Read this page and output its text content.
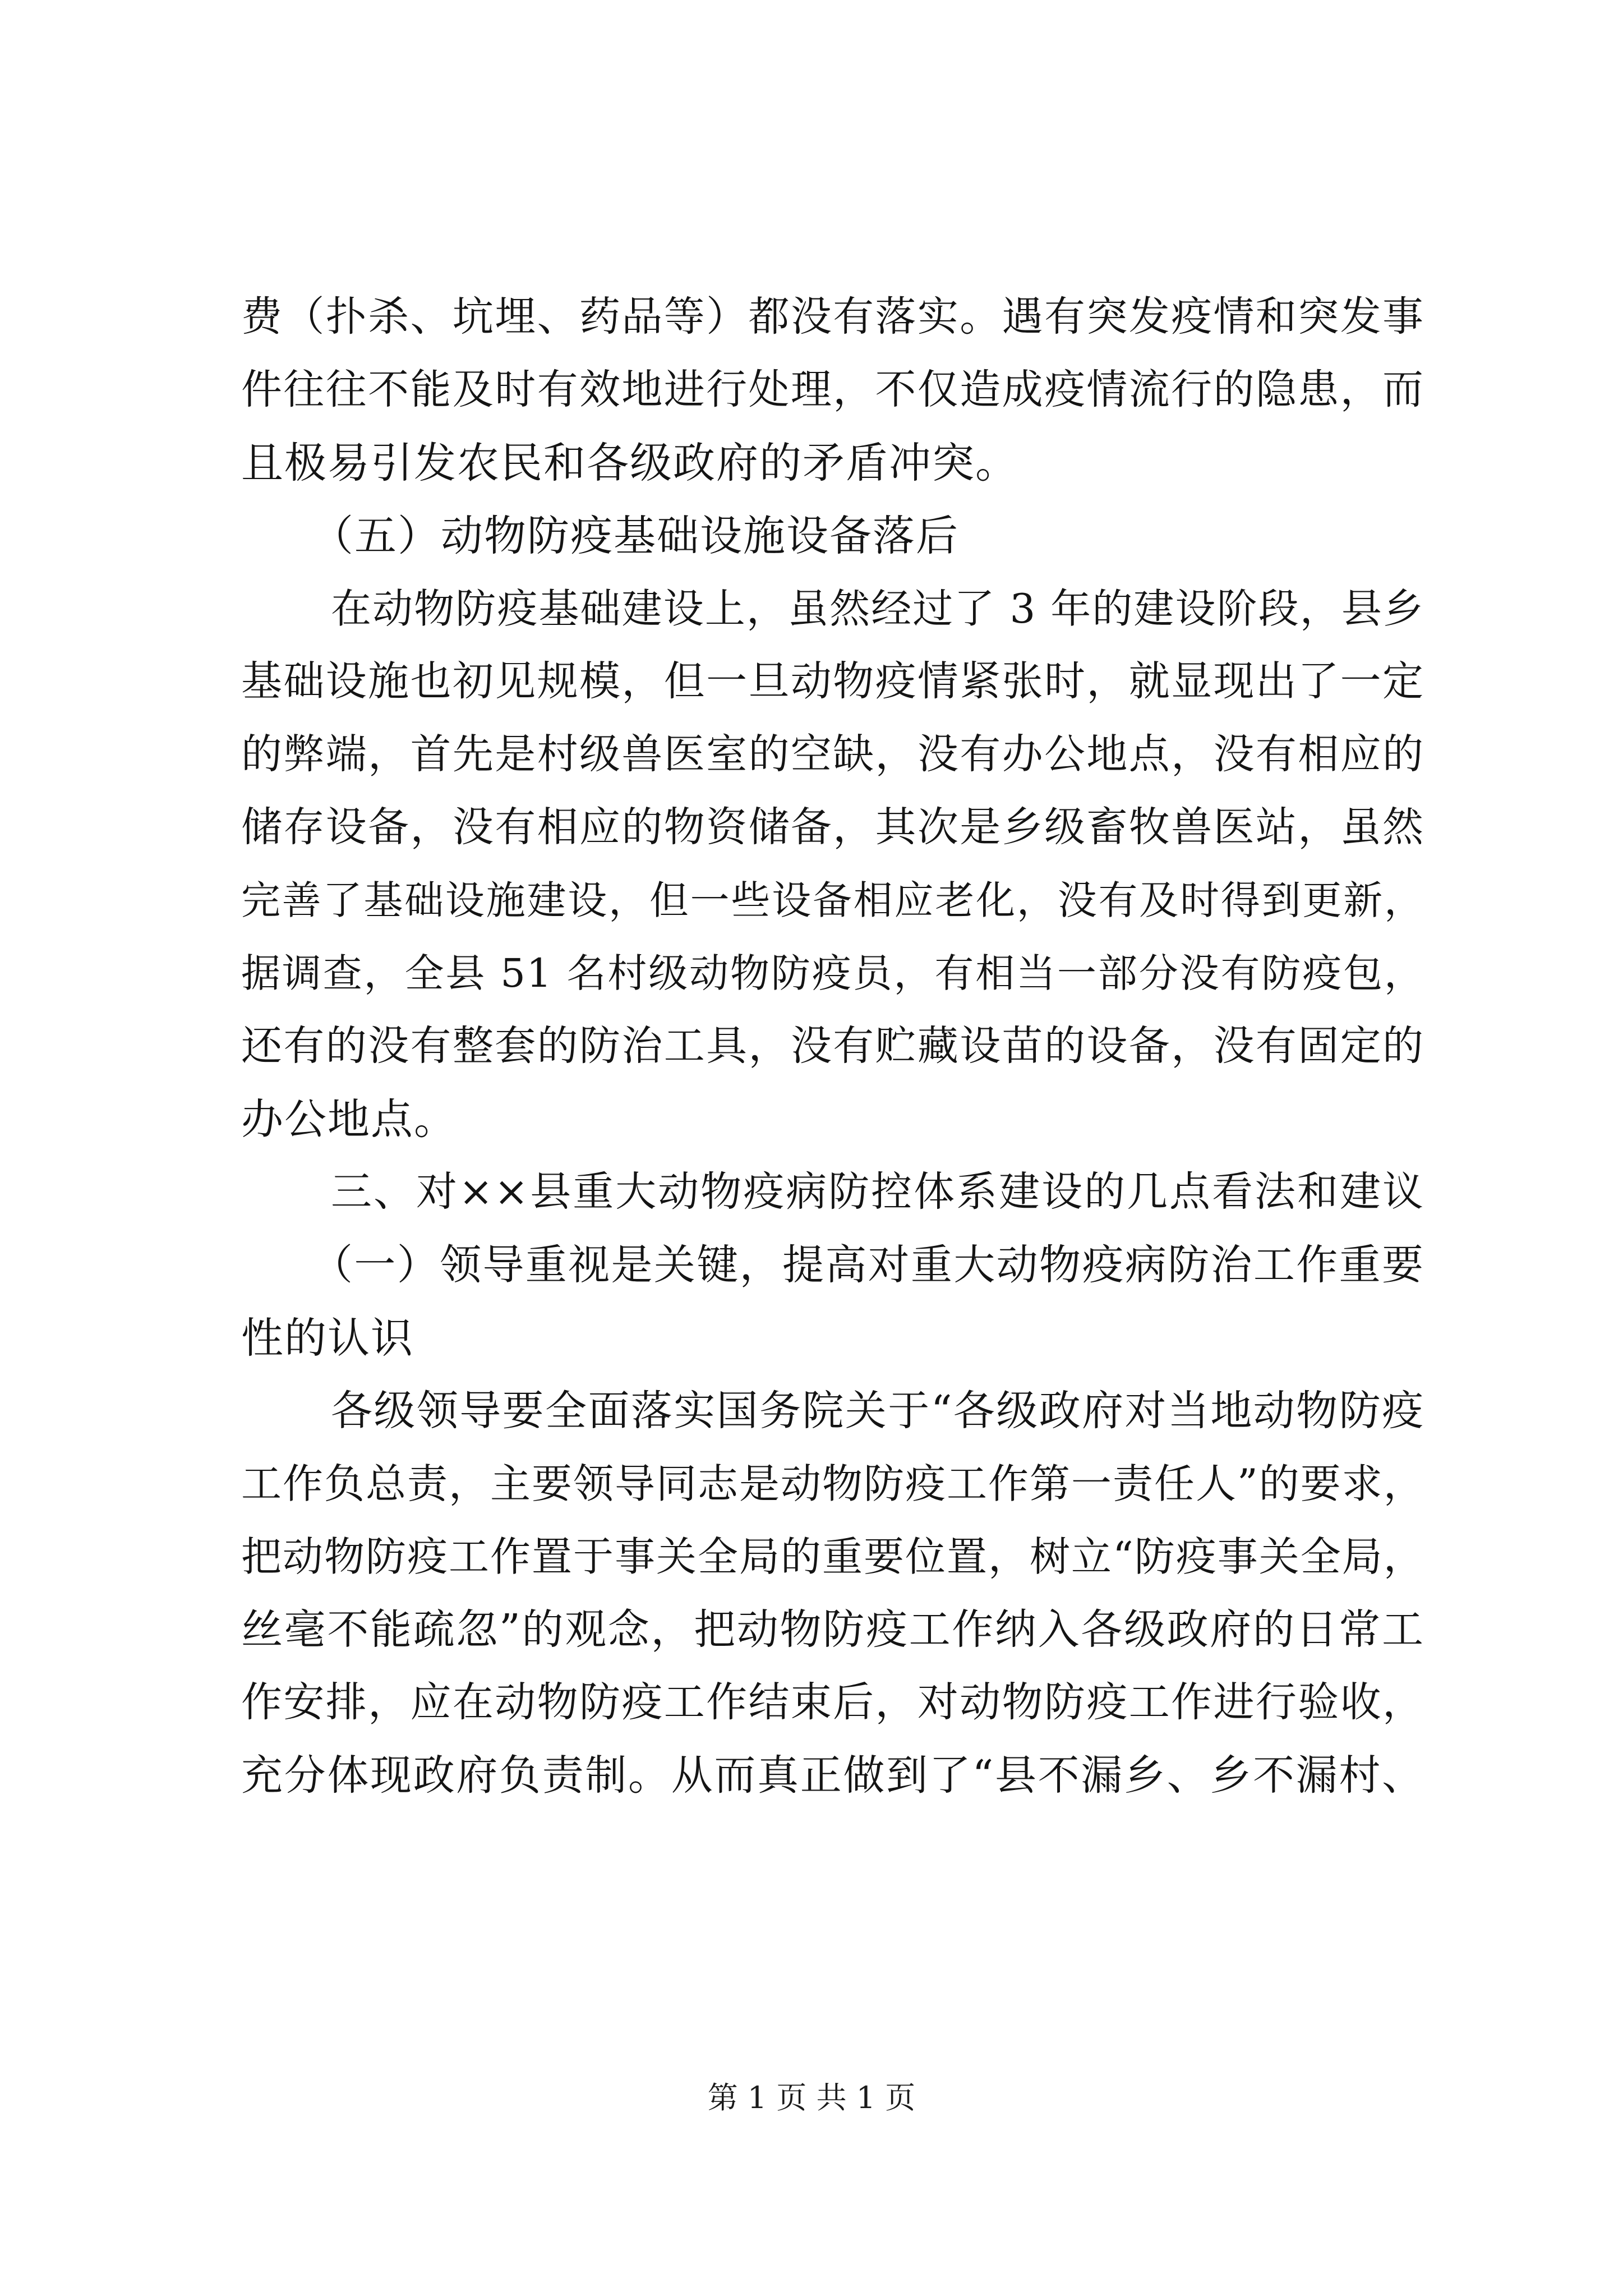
费（扑杀、坑埋、药品等）都没有落实。遇有突发疫情和突发事
件往往不能及时有效地进行处理，不仅造成疫情流行的隐患，而
且极易引发农民和各级政府的矛盾冲突。
（五）动物防疫基础设施设备落后
在动物防疫基础建设上，虽然经过了 3 年的建设阶段，县乡
基础设施也初见规模，但一旦动物疫情紧张时，就显现出了一定
的弊端，首先是村级兽医室的空缺，没有办公地点，没有相应的
储存设备，没有相应的物资储备，其次是乡级畜牧兽医站，虽然
完善了基础设施建设，但一些设备相应老化，没有及时得到更新，
据调查，全县 51 名村级动物防疫员，有相当一部分没有防疫包，
还有的没有整套的防治工具，没有贮藏设苗的设备，没有固定的
办公地点。
三、对××县重大动物疫病防控体系建设的几点看法和建议
（一）领导重视是关键，提高对重大动物疫病防治工作重要
性的认识
各级领导要全面落实国务院关于“各级政府对当地动物防疫
工作负总责，主要领导同志是动物防疫工作第一责任人”的要求，
把动物防疫工作置于事关全局的重要位置，树立“防疫事关全局，
丝毫不能疏忽”的观念，把动物防疫工作纳入各级政府的日常工
作安排，应在动物防疫工作结束后，对动物防疫工作进行验收，
充分体现政府负责制。从而真正做到了“县不漏乡、乡不漏村、
第 1 页 共 1 页
